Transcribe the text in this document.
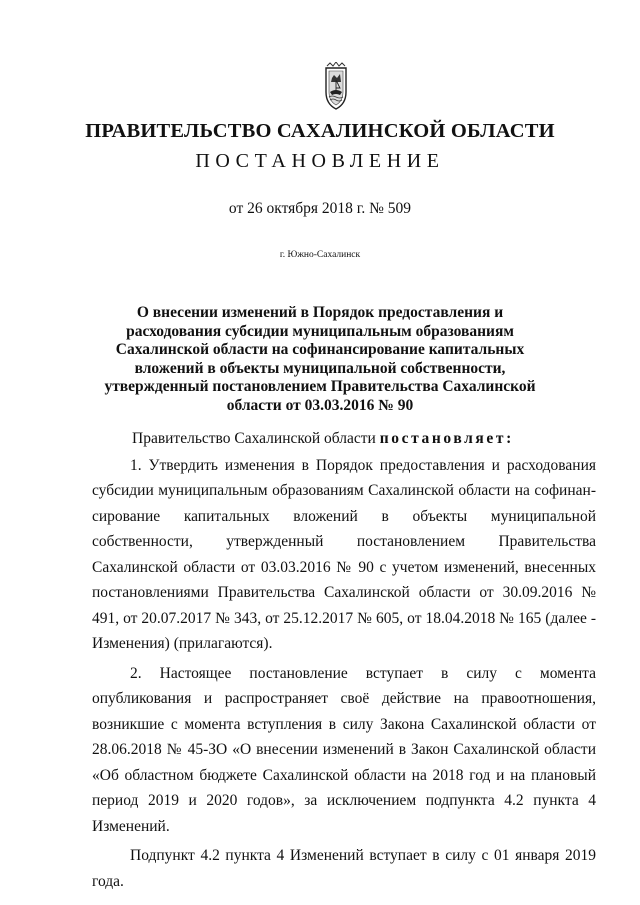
ПРАВИТЕЛЬСТВО САХАЛИНСКОЙ ОБЛАСТИ
ПОСТАНОВЛЕНИЕ
от 26 октября 2018 г. № 509
г. Южно-Сахалинск
О внесении изменений в Порядок предоставления и расходования субсидии муниципальным образованиям Сахалинской области на софинансирование капитальных вложений в объекты муниципальной собственности, утвержденный постановлением Правительства Сахалинской области от 03.03.2016 № 90

Правительство Сахалинской области постановляет:

1. Утвердить изменения в Порядок предоставления и расходования субсидии муниципальным образованиям Сахалинской области на софинансирование капитальных вложений в объекты муниципальной собственности, утвержденный постановлением Правительства Сахалинской области от 03.03.2016 № 90 с учетом изменений, внесенных постановлениями Правительства Сахалинской области от 30.09.2016 № 491, от 20.07.2017 № 343, от 25.12.2017 № 605, от 18.04.2018 № 165 (далее - Изменения) (прилагаются).

2. Настоящее постановление вступает в силу с момента опубликования и распространяет своё действие на правоотношения, возникшие с момента вступления в силу Закона Сахалинской области от 28.06.2018 № 45-ЗО «О внесении изменений в Закон Сахалинской области «Об областном бюджете Сахалинской области на 2018 год и на плановый период 2019 и 2020 годов», за исключением подпункта 4.2 пункта 4 Изменений.

Подпункт 4.2 пункта 4 Изменений вступает в силу с 01 января 2019 года.
